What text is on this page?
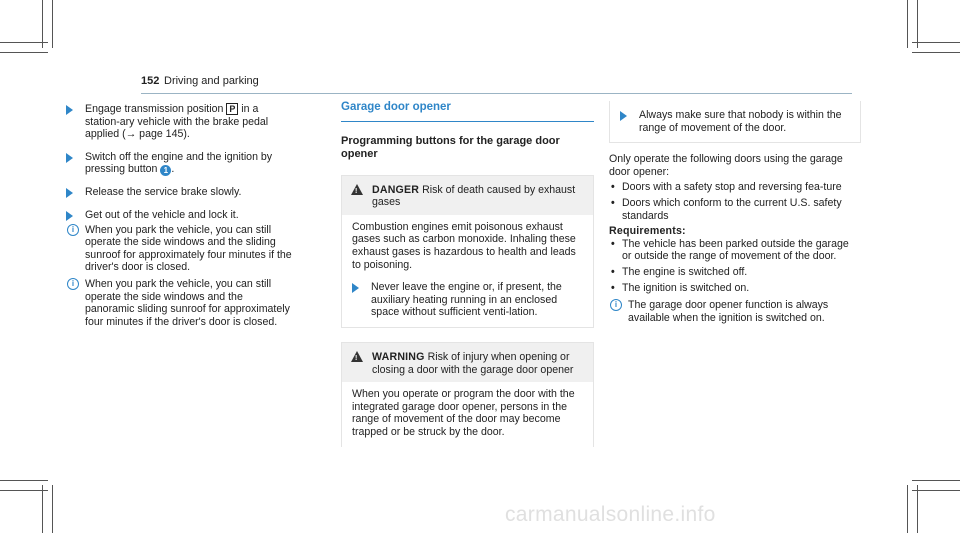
152 Driving and parking
Engage transmission position P in a station-ary vehicle with the brake pedal applied (→ page 145).
Switch off the engine and the ignition by pressing button 1 .
Release the service brake slowly.
Get out of the vehicle and lock it.
i	When you park the vehicle, you can still operate the side windows and the sliding sunroof for approximately four minutes if the driver's door is closed.
i	When you park the vehicle, you can still operate the side windows and the panoramic sliding sunroof for approximately four minutes if the driver's door is closed.
Garage door opener
Programming buttons for the garage door opener
! DANGER Risk of death caused by exhaust gases
Combustion engines emit poisonous exhaust gases such as carbon monoxide. Inhaling these exhaust gases is hazardous to health and leads to poisoning.
Never leave the engine or, if present, the auxiliary heating running in an enclosed space without sufficient venti-lation.
! WARNING Risk of injury when opening or closing a door with the garage door opener
When you operate or program the door with the integrated garage door opener, persons in the range of movement of the door may become trapped or be struck by the door.
Always make sure that nobody is within the range of movement of the door.
Only operate the following doors using the garage door opener:
• Doors with a safety stop and reversing fea-ture
• Doors which conform to the current U.S. safety standards
Requirements:
• The vehicle has been parked outside the garage or outside the range of movement of the door.
• The engine is switched off.
• The ignition is switched on.
i	The garage door opener function is always available when the ignition is switched on.
carmanualsonline.info
